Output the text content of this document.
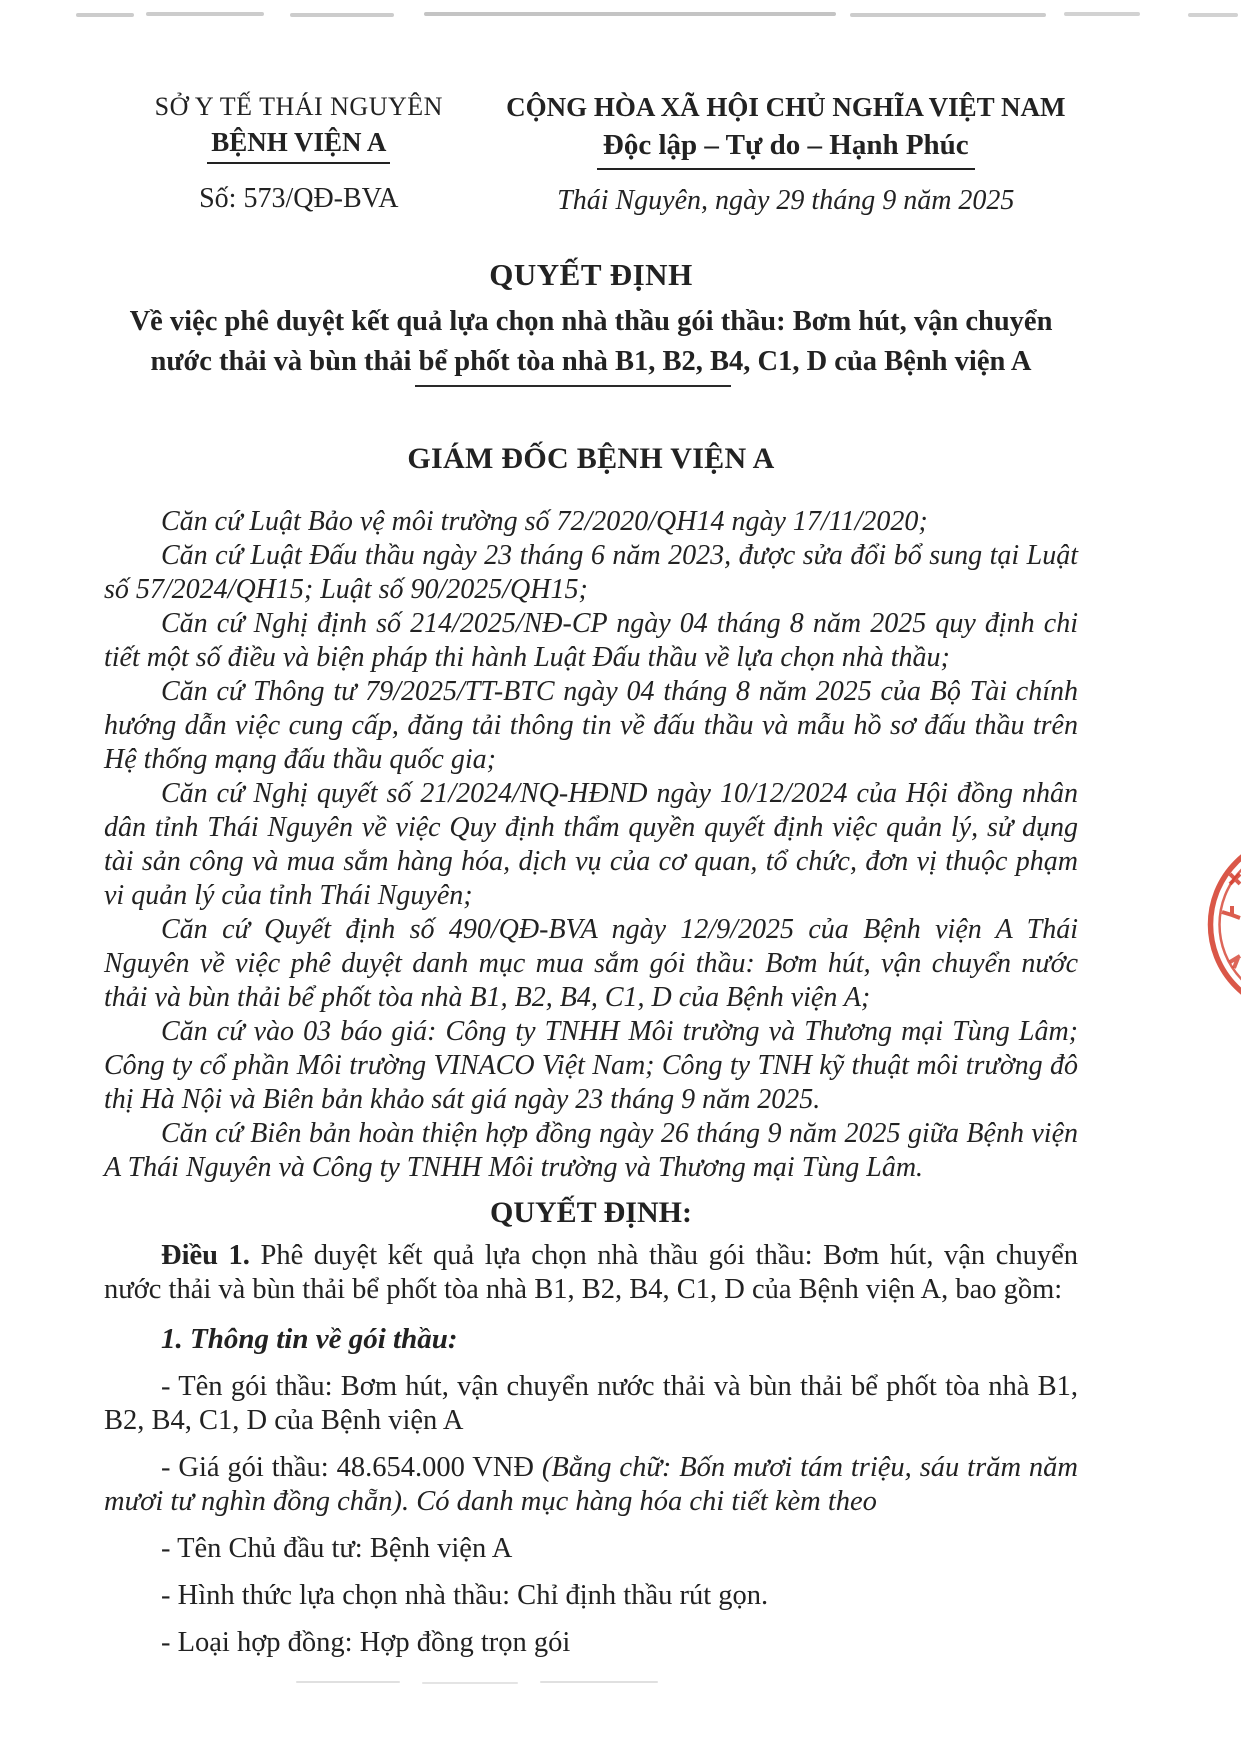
SỞ Y TẾ THÁI NGUYÊN
BỆNH VIỆN A
Số: 573/QĐ-BVA
CỘNG HÒA XÃ HỘI CHỦ NGHĨA VIỆT NAM
Độc lập – Tự do – Hạnh Phúc
Thái Nguyên, ngày 29 tháng 9 năm 2025
QUYẾT ĐỊNH
Về việc phê duyệt kết quả lựa chọn nhà thầu gói thầu: Bơm hút, vận chuyển
nước thải và bùn thải bể phốt tòa nhà B1, B2, B4, C1, D của Bệnh viện A
GIÁM ĐỐC BỆNH VIỆN A

Căn cứ Luật Bảo vệ môi trường số 72/2020/QH14 ngày 17/11/2020;

Căn cứ Luật Đấu thầu ngày 23 tháng 6 năm 2023, được sửa đổi bổ sung tại Luật số 57/2024/QH15; Luật số 90/2025/QH15;

Căn cứ Nghị định số 214/2025/NĐ-CP ngày 04 tháng 8 năm 2025 quy định chi tiết một số điều và biện pháp thi hành Luật Đấu thầu về lựa chọn nhà thầu;

Căn cứ Thông tư 79/2025/TT-BTC ngày 04 tháng 8 năm 2025 của Bộ Tài chính hướng dẫn việc cung cấp, đăng tải thông tin về đấu thầu và mẫu hồ sơ đấu thầu trên Hệ thống mạng đấu thầu quốc gia;

Căn cứ Nghị quyết số 21/2024/NQ-HĐND ngày 10/12/2024 của Hội đồng nhân dân tỉnh Thái Nguyên về việc Quy định thẩm quyền quyết định việc quản lý, sử dụng tài sản công và mua sắm hàng hóa, dịch vụ của cơ quan, tổ chức, đơn vị thuộc phạm vi quản lý của tỉnh Thái Nguyên;

Căn cứ Quyết định số 490/QĐ-BVA ngày 12/9/2025 của Bệnh viện A Thái Nguyên về việc phê duyệt danh mục mua sắm gói thầu: Bơm hút, vận chuyển nước thải và bùn thải bể phốt tòa nhà B1, B2, B4, C1, D của Bệnh viện A;

Căn cứ vào 03 báo giá: Công ty TNHH Môi trường và Thương mại Tùng Lâm; Công ty cổ phần Môi trường VINACO Việt Nam; Công ty TNH kỹ thuật môi trường đô thị Hà Nội và Biên bản khảo sát giá ngày 23 tháng 9 năm 2025.

Căn cứ Biên bản hoàn thiện hợp đồng ngày 26 tháng 9 năm 2025 giữa Bệnh viện A Thái Nguyên và Công ty TNHH Môi trường và Thương mại Tùng Lâm.

QUYẾT ĐỊNH:

Điều 1. Phê duyệt kết quả lựa chọn nhà thầu gói thầu: Bơm hút, vận chuyển nước thải và bùn thải bể phốt tòa nhà B1, B2, B4, C1, D của Bệnh viện A, bao gồm:

1. Thông tin về gói thầu:

- Tên gói thầu: Bơm hút, vận chuyển nước thải và bùn thải bể phốt tòa nhà B1, B2, B4, C1, D của Bệnh viện A

- Giá gói thầu: 48.654.000 VNĐ (Bằng chữ: Bốn mươi tám triệu, sáu trăm năm mươi tư nghìn đồng chẵn). Có danh mục hàng hóa chi tiết kèm theo

- Tên Chủ đầu tư: Bệnh viện A

- Hình thức lựa chọn nhà thầu: Chỉ định thầu rút gọn.

- Loại hợp đồng: Hợp đồng trọn gói
